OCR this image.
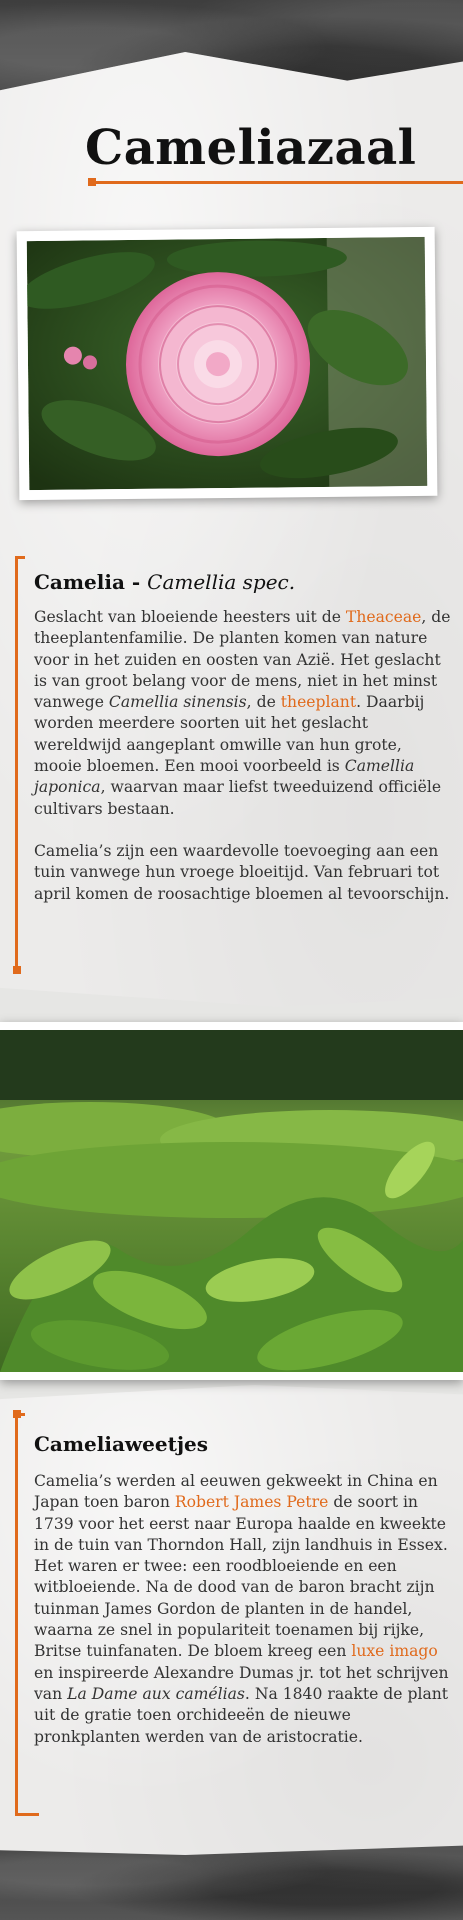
Cameliazaal
Camelia - Camellia spec.

Geslacht van bloeiende heesters uit de Theaceae, de theeplantenfamilie. De planten komen van nature voor in het zuiden en oosten van Azië. Het geslacht is van groot belang voor de mens, niet in het minst vanwege Camellia sinensis, de theeplant. Daarbij worden meerdere soorten uit het geslacht wereldwijd aangeplant omwille van hun grote, mooie bloemen. Een mooi voorbeeld is Camellia japonica, waarvan maar liefst tweeduizend officiële cultivars bestaan.

Camelia’s zijn een waardevolle toevoeging aan een tuin vanwege hun vroege bloeitijd. Van februari tot april komen de roosachtige bloemen al tevoorschijn.

Cameliaweetjes

Camelia’s werden al eeuwen gekweekt in China en Japan toen baron Robert James Petre de soort in 1739 voor het eerst naar Europa haalde en kweekte in de tuin van Thorndon Hall, zijn landhuis in Essex. Het waren er twee: een roodbloeiende en een witbloeiende. Na de dood van de baron bracht zijn tuinman James Gordon de planten in de handel, waarna ze snel in populariteit toenamen bij rijke, Britse tuinfanaten. De bloem kreeg een luxe imago en inspireerde Alexandre Dumas jr. tot het schrijven van La Dame aux camélias. Na 1840 raakte de plant uit de gratie toen orchideeën de nieuwe pronkplanten werden van de aristocratie.
